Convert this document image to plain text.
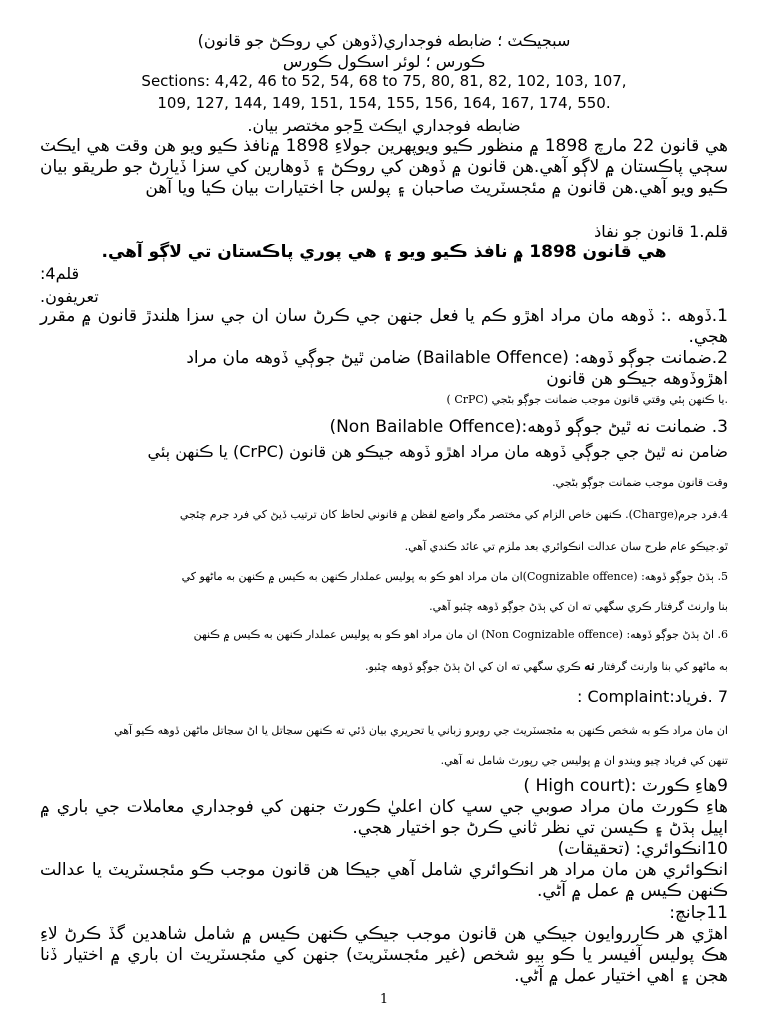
سبجيڪٽ ؛ ضابطه فوجداري(ڏوهن کي روڪڻ جو قانون)
ڪورس ؛ لوئر اسڪول ڪورس
Sections: 4,42, 46 to 52, 54, 68 to 75, 80, 81, 82, 102, 103, 107,
109, 127, 144, 149, 151, 154, 155, 156, 164, 167, 174, 550.
ضابطه فوجداري ايڪٽ 5جو مختصر بيان.
هي قانون 22 مارچ 1898 ۾ منظور ڪيو ويوپهرين جولاءِ 1898 ۾نافذ ڪيو ويو هن وقت هي ايڪٽ سڄي پاڪستان ۾ لاڳو آهي.هن قانون ۾ ڏوهن کي روڪڻ ۽ ڏوهارين کي سزا ڏيارڻ جو طريقو بيان ڪيو ويو آهي.هن قانون ۾ مئجسٽريٽ صاحبان ۽ پولس جا اختيارات بيان ڪيا ويا آهن
قلم.1 قانون جو نفاذ
هي قانون 1898 ۾ نافذ ڪيو ويو ۽ هي پوري پاڪستان تي لاڳو آهي.
قلم4:
تعريفون.
1.ڏوهه .: ڏوهه مان مراد اهڙو ڪم يا فعل جنهن جي ڪرڻ سان ان جي سزا هلندڙ قانون ۾ مقرر هجي.
2.ضمانت جوڳو ڏوهه: (Bailable Offence) ضامن ٿيڻ جوڳي ڏوهه مان مراد
اهڙوڏوهه جيڪو هن قانون
( CrPC) يا ڪنهن ٻئي وقتي قانون موجب ضمانت جوڳو بڻجي.
3. ضمانت نه ٿيڻ جوڳو ڏوهه:(Non Bailable Offence)
ضامن نه ٿيڻ جي جوڳي ڏوهه مان مراد اهڙو ڏوهه جيڪو هن قانون (CrPC) يا ڪنهن ٻئي
وقت قانون موجب ضمانت جوڳو بڻجي.
4.فرد جرم(Charge). ڪنهن خاص الزام کي مختصر مگر واضع لفظن ۾ قانوني لحاظ کان ترتيب ڏيڻ کي فرد جرم چئجي
ٿو.جيڪو عام طرح سان عدالت انڪوائري بعد ملزم تي عائد ڪندي آهي.
5. ٻڌڻ جوڳو ڏوهه: (Cognizable offence)ان مان مراد اهو ڪو به پوليس عملدار ڪنهن به ڪيس ۾ ڪنهن به ماڻهو کي
بنا وارنٽ گرفتار ڪري سگهي ته ان کي ٻڌڻ جوڳو ڏوهه چئبو آهي.
6. اڻ ٻڌڻ جوڳو ڏوهه: (Non Cognizable offence) ان مان مراد اهو ڪو به پوليس عملدار ڪنهن به ڪيس ۾ ڪنهن
به ماڻهو کي بنا وارنٽ گرفتار نه ڪري سگهي ته ان کي اڻ ٻڌڻ جوڳو ڏوهه چئبو.
7 .فرياد:Complaint :
ان مان مراد ڪو به شخص ڪنهن به مئجسٽريٽ جي روبرو زباني يا تحريري بيان ڏئي ته ڪنهن سڃاتل يا اڻ سڃاتل ماڻهن ڏوهه ڪيو آهي
تنهن کي فرياد چيو ويندو ان ۾ پوليس جي رپورٽ شامل نه آهي.
9هاءِ ڪورٽ :(High court )
هاءِ ڪورٽ مان مراد صوبي جي سڀ کان اعليٰ ڪورٽ جنهن کي فوجداري معاملات جي باري ۾ اپيل ٻڌڻ ۽ ڪيسن تي نظر ثاني ڪرڻ جو اختيار هجي.
10انڪوائري: (تحقيقات)
انڪوائري هن مان مراد هر انڪوائري شامل آهي جيڪا هن قانون موجب ڪو مئجسٽريٽ يا عدالت ڪنهن ڪيس ۾ عمل ۾ آڻي.
11جانچ:
اهڙي هر ڪارروايون جيڪي هن قانون موجب جيڪي ڪنهن ڪيس ۾ شامل شاهدين گڏ ڪرڻ لاءِ هڪ پوليس آفيسر يا ڪو بيو شخص (غير مئجسٽريٽ) جنهن کي مئجسٽريٽ ان باري ۾ اختيار ڏنا هجن ۽ اهي اختيار عمل ۾ آڻي.
1
